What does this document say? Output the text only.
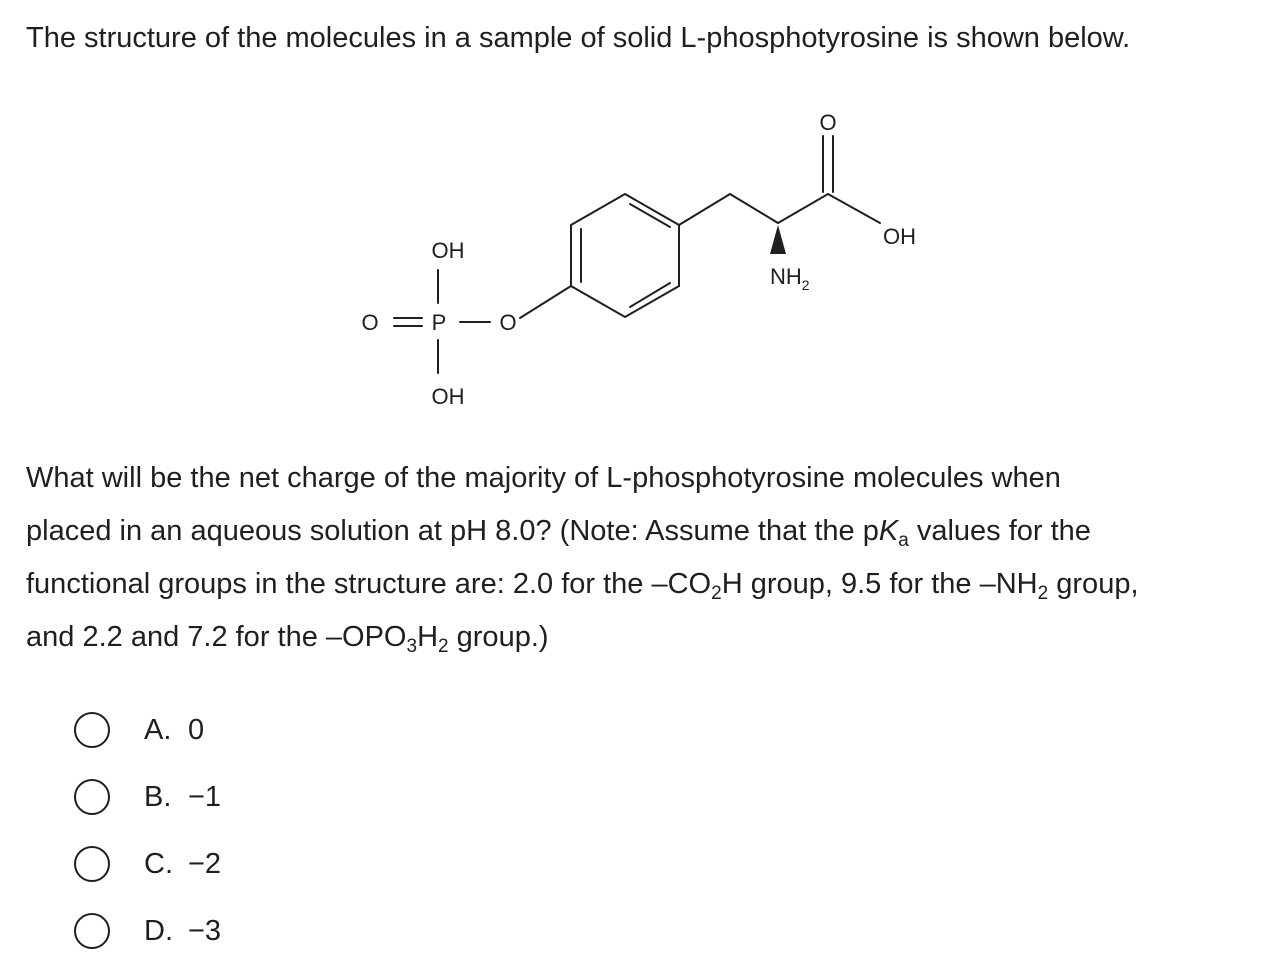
The structure of the molecules in a sample of solid L-phosphotyrosine is shown below.
O
OH
$NH_2$
OH
OH
O P O

What will be the net charge of the majority of L-phosphotyrosine molecules when
placed in an aqueous solution at pH 8.0? (Note: Assume that the $pK_a$ values for the
functional groups in the structure are: 2.0 for the $-CO_2H$ group, 9.5 for the $-NH_2$ group,
and 2.2 and 7.2 for the $-OPO_3H_2$ group.)

A. 0
B. −1
C. −2
D. −3
